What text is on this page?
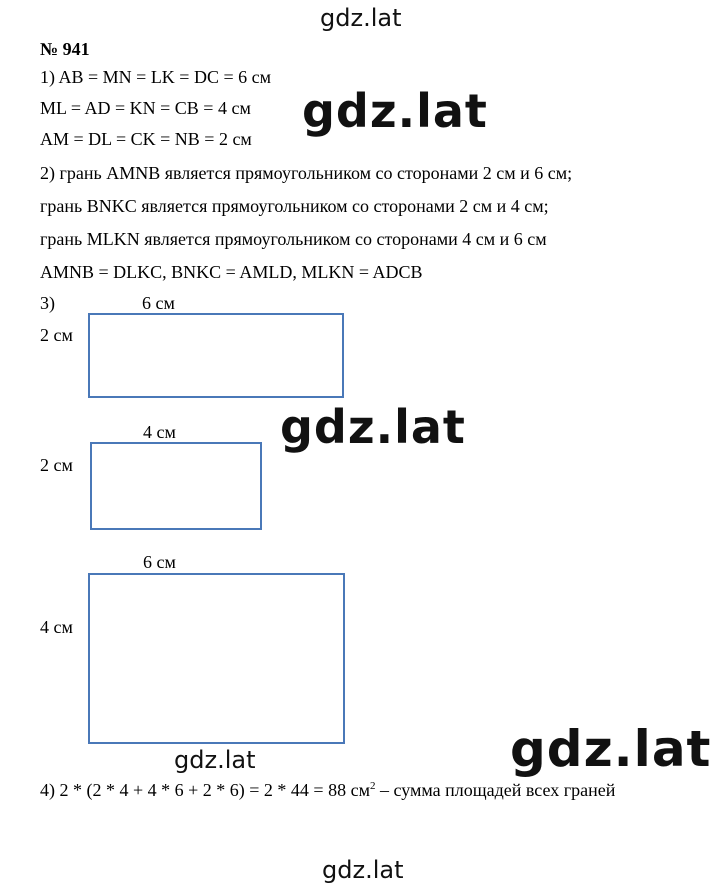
gdz.lat
gdz.lat
№ 941
1) AB = MN = LK = DC = 6 см
ML = AD = KN = CB = 4 см
AM = DL = CK = NB = 2 см
2) грань AMNB является прямоугольником со сторонами 2 см и 6 см;
грань BNKC является прямоугольником со сторонами 2 см и 4 см;
грань MLKN является прямоугольником со сторонами 4 см и 6 см
AMNB = DLKC, BNKC = AMLD, MLKN = ADCB
3)	6 см
2 см
gdz.lat
4 см
2 см
6 см
4 см
gdz.lat	gdz.lat
4) 2 * (2 * 4 + 4 * 6 + 2 * 6) = 2 * 44 = 88 $см^2$ – сумма площадей всех граней
gdz.lat
